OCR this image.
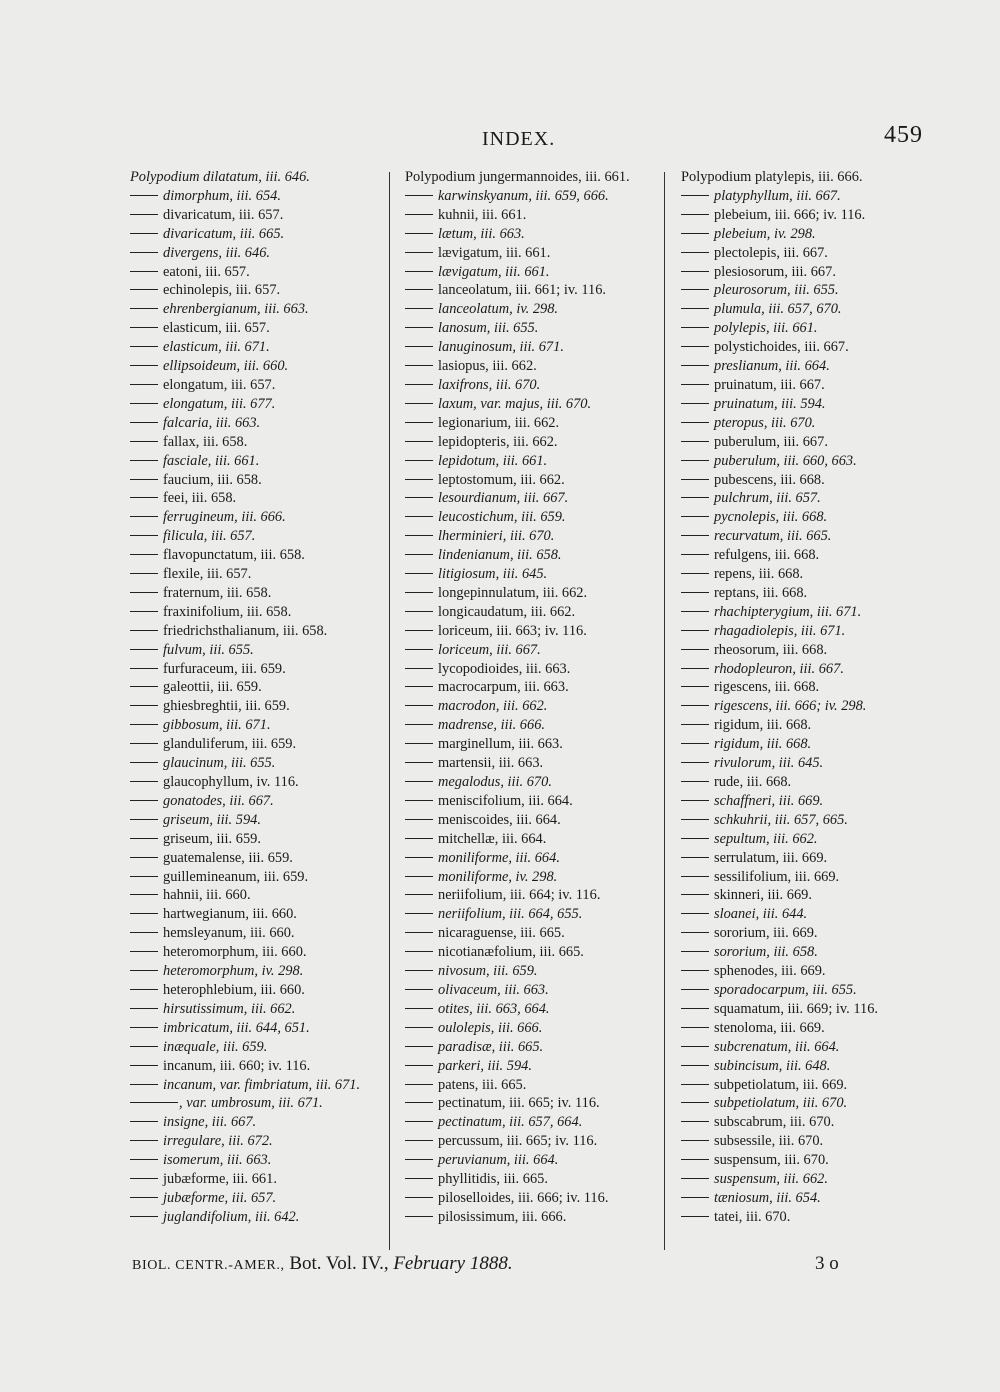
INDEX.	459
Polypodium dilatatum, iii. 646.
dimorphum, iii. 654.
divaricatum, iii. 657.
divaricatum, iii. 665.
divergens, iii. 646.
eatoni, iii. 657.
echinolepis, iii. 657.
ehrenbergianum, iii. 663.
elasticum, iii. 657.
elasticum, iii. 671.
ellipsoideum, iii. 660.
elongatum, iii. 657.
elongatum, iii. 677.
falcaria, iii. 663.
fallax, iii. 658.
fasciale, iii. 661.
faucium, iii. 658.
feei, iii. 658.
ferrugineum, iii. 666.
filicula, iii. 657.
flavopunctatum, iii. 658.
flexile, iii. 657.
fraternum, iii. 658.
fraxinifolium, iii. 658.
friedrichsthalianum, iii. 658.
fulvum, iii. 655.
furfuraceum, iii. 659.
galeottii, iii. 659.
ghiesbreghtii, iii. 659.
gibbosum, iii. 671.
glanduliferum, iii. 659.
glaucinum, iii. 655.
glaucophyllum, iv. 116.
gonatodes, iii. 667.
griseum, iii. 594.
griseum, iii. 659.
guatemalense, iii. 659.
guillemineanum, iii. 659.
hahnii, iii. 660.
hartwegianum, iii. 660.
hemsleyanum, iii. 660.
heteromorphum, iii. 660.
heteromorphum, iv. 298.
heterophlebium, iii. 660.
hirsutissimum, iii. 662.
imbricatum, iii. 644, 651.
inæquale, iii. 659.
incanum, iii. 660; iv. 116.
incanum, var. fimbriatum, iii. 671.
, var. umbrosum, iii. 671.
insigne, iii. 667.
irregulare, iii. 672.
isomerum, iii. 663.
jubæforme, iii. 661.
jubæforme, iii. 657.
juglandifolium, iii. 642.
Polypodium jungermannoides, iii. 661.
karwinskyanum, iii. 659, 666.
kuhnii, iii. 661.
lætum, iii. 663.
lævigatum, iii. 661.
lævigatum, iii. 661.
lanceolatum, iii. 661; iv. 116.
lanceolatum, iv. 298.
lanosum, iii. 655.
lanuginosum, iii. 671.
lasiopus, iii. 662.
laxifrons, iii. 670.
laxum, var. majus, iii. 670.
legionarium, iii. 662.
lepidopteris, iii. 662.
lepidotum, iii. 661.
leptostomum, iii. 662.
lesourdianum, iii. 667.
leucostichum, iii. 659.
lherminieri, iii. 670.
lindenianum, iii. 658.
litigiosum, iii. 645.
longepinnulatum, iii. 662.
longicaudatum, iii. 662.
loriceum, iii. 663; iv. 116.
loriceum, iii. 667.
lycopodioides, iii. 663.
macrocarpum, iii. 663.
macrodon, iii. 662.
madrense, iii. 666.
marginellum, iii. 663.
martensii, iii. 663.
megalodus, iii. 670.
meniscifolium, iii. 664.
meniscoides, iii. 664.
mitchellæ, iii. 664.
moniliforme, iii. 664.
moniliforme, iv. 298.
neriifolium, iii. 664; iv. 116.
neriifolium, iii. 664, 655.
nicaraguense, iii. 665.
nicotianæfolium, iii. 665.
nivosum, iii. 659.
olivaceum, iii. 663.
otites, iii. 663, 664.
oulolepis, iii. 666.
paradisæ, iii. 665.
parkeri, iii. 594.
patens, iii. 665.
pectinatum, iii. 665; iv. 116.
pectinatum, iii. 657, 664.
percussum, iii. 665; iv. 116.
peruvianum, iii. 664.
phyllitidis, iii. 665.
piloselloides, iii. 666; iv. 116.
pilosissimum, iii. 666.
Polypodium platylepis, iii. 666.
platyphyllum, iii. 667.
plebeium, iii. 666; iv. 116.
plebeium, iv. 298.
plectolepis, iii. 667.
plesiosorum, iii. 667.
pleurosorum, iii. 655.
plumula, iii. 657, 670.
polylepis, iii. 661.
polystichoides, iii. 667.
preslianum, iii. 664.
pruinatum, iii. 667.
pruinatum, iii. 594.
pteropus, iii. 670.
puberulum, iii. 667.
puberulum, iii. 660, 663.
pubescens, iii. 668.
pulchrum, iii. 657.
pycnolepis, iii. 668.
recurvatum, iii. 665.
refulgens, iii. 668.
repens, iii. 668.
reptans, iii. 668.
rhachipterygium, iii. 671.
rhagadiolepis, iii. 671.
rheosorum, iii. 668.
rhodopleuron, iii. 667.
rigescens, iii. 668.
rigescens, iii. 666; iv. 298.
rigidum, iii. 668.
rigidum, iii. 668.
rivulorum, iii. 645.
rude, iii. 668.
schaffneri, iii. 669.
schkuhrii, iii. 657, 665.
sepultum, iii. 662.
serrulatum, iii. 669.
sessilifolium, iii. 669.
skinneri, iii. 669.
sloanei, iii. 644.
sororium, iii. 669.
sororium, iii. 658.
sphenodes, iii. 669.
sporadocarpum, iii. 655.
squamatum, iii. 669; iv. 116.
stenoloma, iii. 669.
subcrenatum, iii. 664.
subincisum, iii. 648.
subpetiolatum, iii. 669.
subpetiolatum, iii. 670.
subscabrum, iii. 670.
subsessile, iii. 670.
suspensum, iii. 670.
suspensum, iii. 662.
tæniosum, iii. 654.
tatei, iii. 670.
BIOL. CENTR.-AMER., Bot. Vol. IV., February 1888.	3 o
